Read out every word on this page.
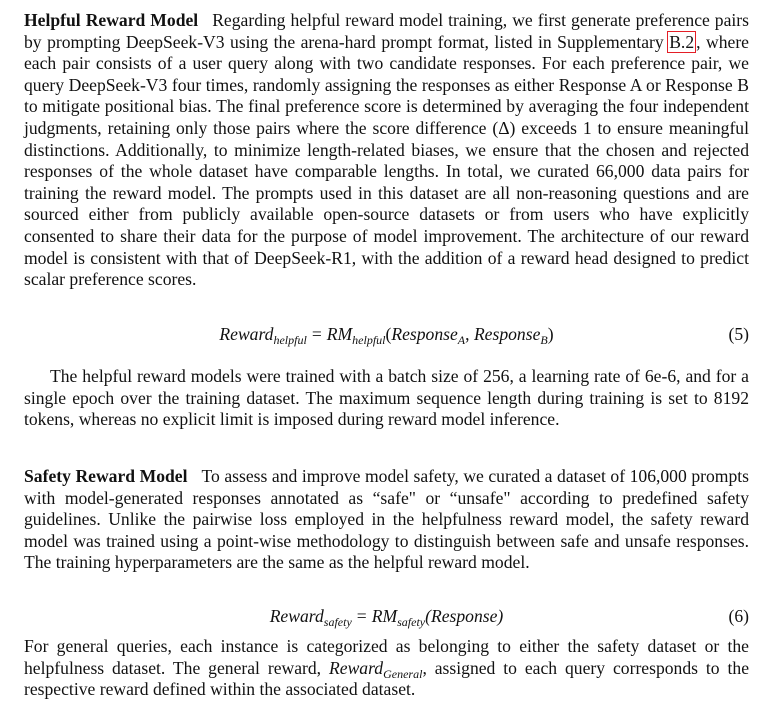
Helpful Reward Model Regarding helpful reward model training, we first generate preference pairs by prompting DeepSeek-V3 using the arena-hard prompt format, listed in Supplementary B.2 , where each pair consists of a user query along with two candidate responses. For each preference pair, we query DeepSeek-V3 four times, randomly assigning the responses as either Response A or Response B to mitigate positional bias. The final preference score is determined by averaging the four independent judgments, retaining only those pairs where the score difference (Δ) exceeds 1 to ensure meaningful distinctions. Additionally, to minimize length-related biases, we ensure that the chosen and rejected responses of the whole dataset have comparable lengths. In total, we curated 66,000 data pairs for training the reward model. The prompts used in this dataset are all non-reasoning questions and are sourced either from publicly available open-source datasets or from users who have explicitly consented to share their data for the purpose of model improvement. The architecture of our reward model is consistent with that of DeepSeek-R1, with the addition of a reward head designed to predict scalar preference scores.

Reward$_{helpful}$ = $RM_{helpful}(Response_A$, Response$_B$)	(5)

The helpful reward models were trained with a batch size of 256, a learning rate of 6e-6, and for a single epoch over the training dataset. The maximum sequence length during training is set to 8192 tokens, whereas no explicit limit is imposed during reward model inference.

Safety Reward Model To assess and improve model safety, we curated a dataset of 106,000 prompts with model-generated responses annotated as “safe" or “unsafe" according to predefined safety guidelines. Unlike the pairwise loss employed in the helpfulness reward model, the safety reward model was trained using a point-wise methodology to distinguish between safe and unsafe responses. The training hyperparameters are the same as the helpful reward model.

Reward$_{safety}$ = $RM_{safety}(Response)$	(6)

For general queries, each instance is categorized as belonging to either the safety dataset or the helpfulness dataset. The general reward, Reward$_{General}$, assigned to each query corresponds to the respective reward defined within the associated dataset.
